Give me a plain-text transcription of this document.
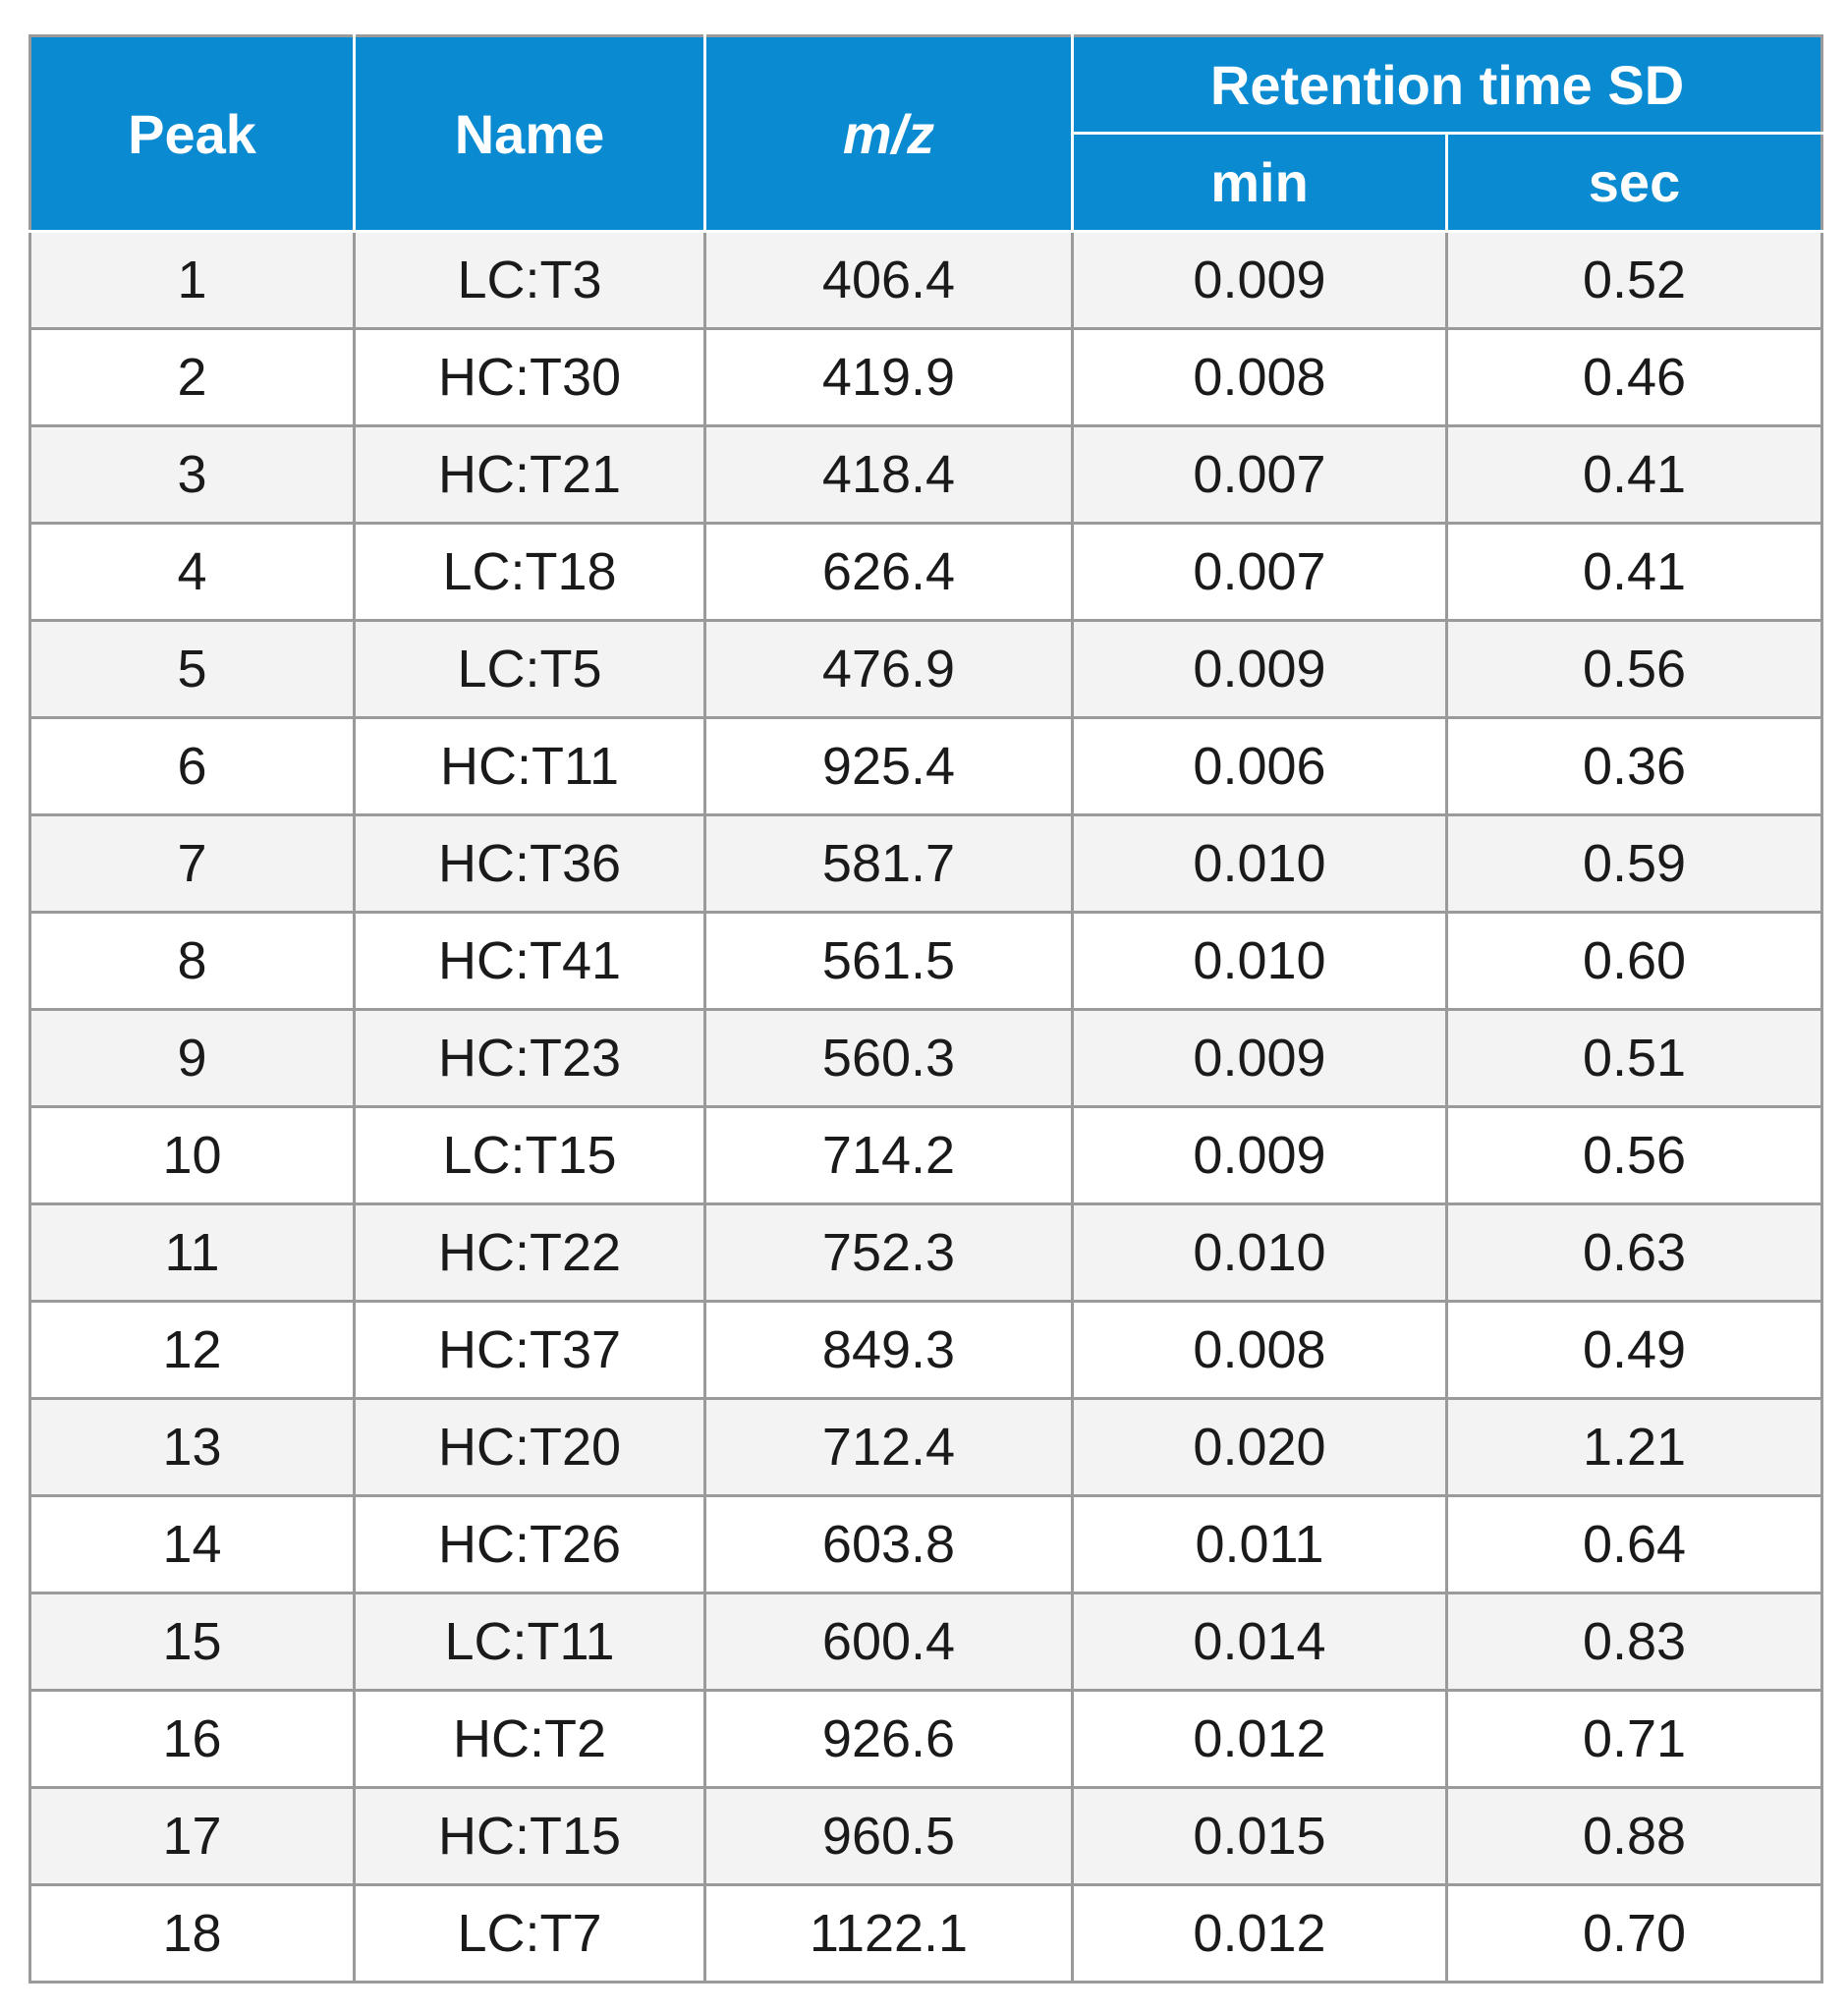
Peak	Name	m/z	Retention time SD	
			min	sec
1	LC:T3	406.4	0.009	0.52
2	HC:T30	419.9	0.008	0.46
3	HC:T21	418.4	0.007	0.41
4	LC:T18	626.4	0.007	0.41
5	LC:T5	476.9	0.009	0.56
6	HC:T11	925.4	0.006	0.36
7	HC:T36	581.7	0.010	0.59
8	HC:T41	561.5	0.010	0.60
9	HC:T23	560.3	0.009	0.51
10	LC:T15	714.2	0.009	0.56
11	HC:T22	752.3	0.010	0.63
12	HC:T37	849.3	0.008	0.49
13	HC:T20	712.4	0.020	1.21
14	HC:T26	603.8	0.011	0.64
15	LC:T11	600.4	0.014	0.83
16	HC:T2	926.6	0.012	0.71
17	HC:T15	960.5	0.015	0.88
18	LC:T7	1122.1	0.012	0.70
